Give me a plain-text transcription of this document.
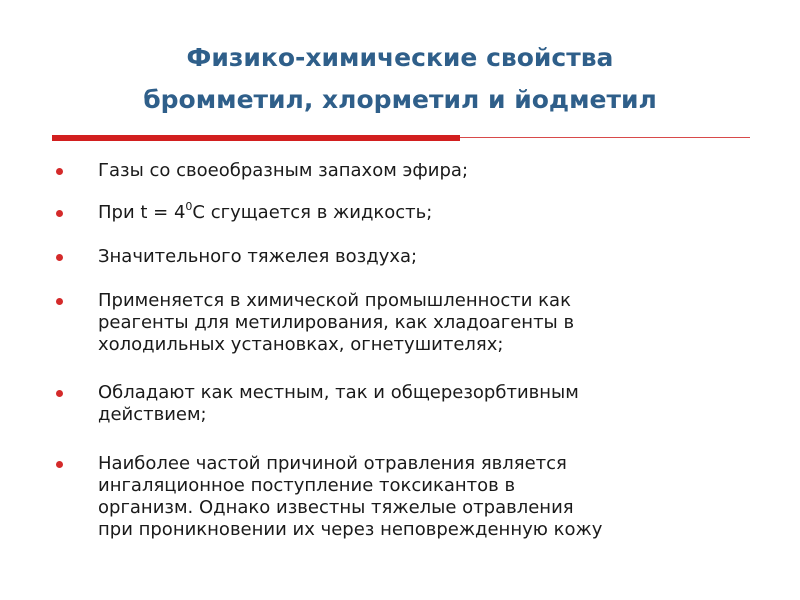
Физико-химические свойства
бромметил, хлорметил и йодметил
Газы со своеобразным запахом эфира;
При $t = 4^0С$ сгущается в жидкость;
Значительного тяжелея воздуха;
Применяется в химической промышленности как
реагенты для метилирования, как хладоагенты в
холодильных установках, огнетушителях;
Обладают как местным, так и общерезорбтивным
действием;
Наиболее частой причиной отравления является
ингаляционное поступление токсикантов в
организм. Однако известны тяжелые отравления
при проникновении их через неповрежденную кожу
